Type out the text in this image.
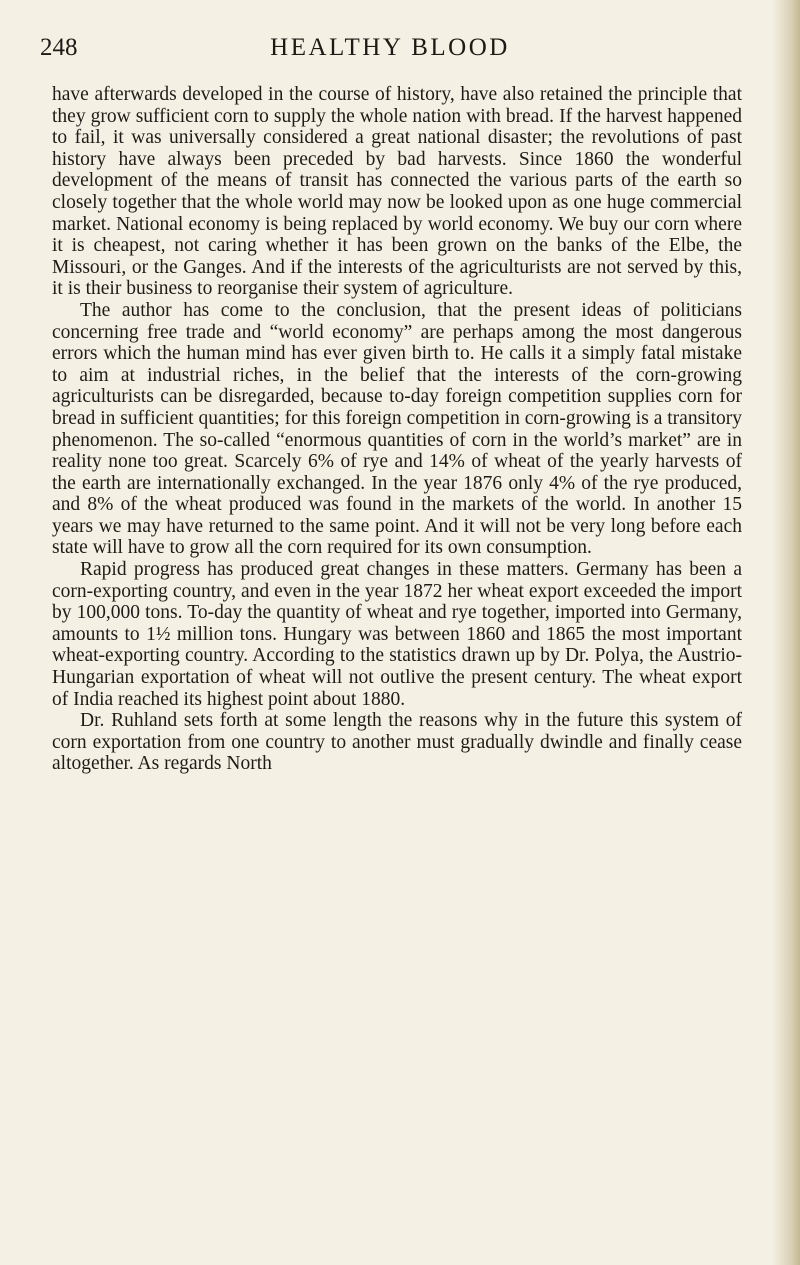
248	HEALTHY BLOOD

have afterwards developed in the course of history, have also retained the principle that they grow sufficient corn to supply the whole nation with bread. If the harvest happened to fail, it was universally considered a great national disaster; the revolutions of past history have always been preceded by bad harvests. Since 1860 the wonderful development of the means of transit has connected the various parts of the earth so closely together that the whole world may now be looked upon as one huge commercial market. National economy is being replaced by world economy. We buy our corn where it is cheapest, not caring whether it has been grown on the banks of the Elbe, the Missouri, or the Ganges. And if the interests of the agriculturists are not served by this, it is their business to reorganise their system of agriculture.

The author has come to the conclusion, that the present ideas of politicians concerning free trade and “world economy” are perhaps among the most dangerous errors which the human mind has ever given birth to. He calls it a simply fatal mistake to aim at industrial riches, in the belief that the interests of the corn-growing agriculturists can be disregarded, because to-day foreign competition supplies corn for bread in sufficient quantities; for this foreign competition in corn-growing is a transitory phenomenon. The so-called “enormous quantities of corn in the world’s market” are in reality none too great. Scarcely 6% of rye and 14% of wheat of the yearly harvests of the earth are internationally exchanged. In the year 1876 only 4% of the rye produced, and 8% of the wheat produced was found in the markets of the world. In another 15 years we may have returned to the same point. And it will not be very long before each state will have to grow all the corn required for its own consumption.

Rapid progress has produced great changes in these matters. Germany has been a corn-exporting country, and even in the year 1872 her wheat export exceeded the import by 100,000 tons. To-day the quantity of wheat and rye together, imported into Germany, amounts to 1½ million tons. Hungary was between 1860 and 1865 the most important wheat-exporting country. According to the statistics drawn up by Dr. Polya, the Austrio-Hungarian exportation of wheat will not outlive the present century. The wheat export of India reached its highest point about 1880.

Dr. Ruhland sets forth at some length the reasons why in the future this system of corn exportation from one country to another must gradually dwindle and finally cease altogether. As regards North
